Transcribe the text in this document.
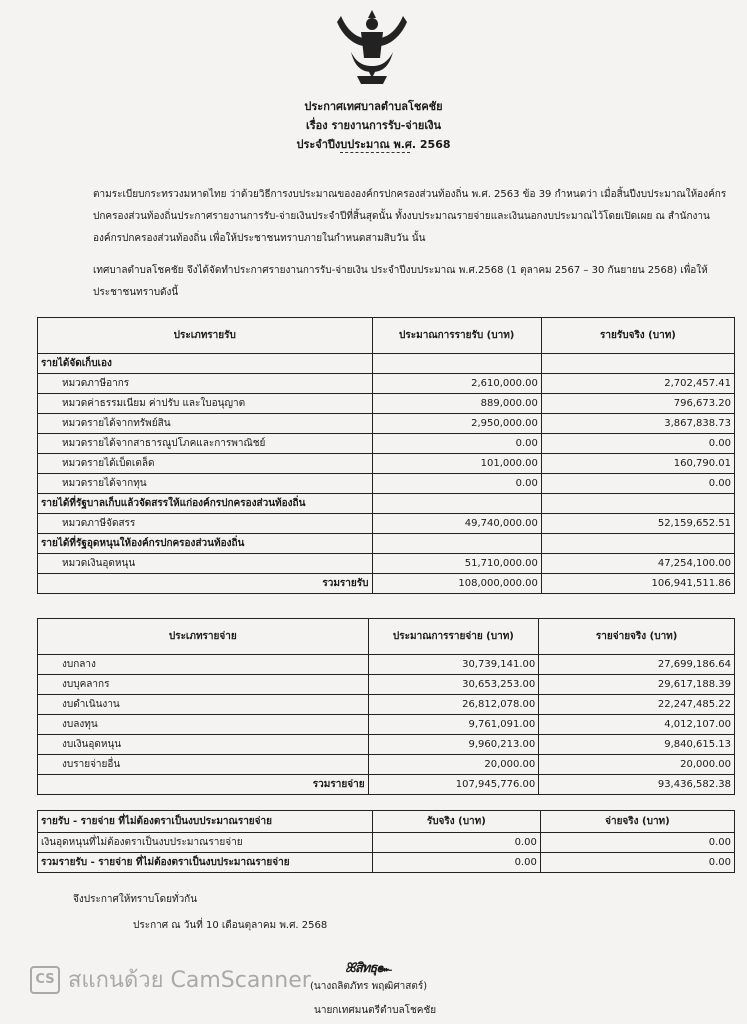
ประกาศเทศบาลตำบลโชคชัย
เรื่อง รายงานการรับ-จ่ายเงิน
ประจำปีงบประมาณ พ.ศ. 2568

ตามระเบียบกระทรวงมหาดไทย ว่าด้วยวิธีการงบประมาณขององค์กรปกครองส่วนท้องถิ่น พ.ศ. 2563 ข้อ 39 กำหนดว่า เมื่อสิ้นปีงบประมาณให้องค์กรปกครองส่วนท้องถิ่นประกาศรายงานการรับ-จ่ายเงินประจำปีที่สิ้นสุดนั้น ทั้งงบประมาณรายจ่ายและเงินนอกงบประมาณไว้โดยเปิดเผย ณ สำนักงานองค์กรปกครองส่วนท้องถิ่น เพื่อให้ประชาชนทราบภายในกำหนดสามสิบวัน นั้น

เทศบาลตำบลโชคชัย จึงได้จัดทำประกาศรายงานการรับ-จ่ายเงิน ประจำปีงบประมาณ พ.ศ.2568 (1 ตุลาคม 2567 – 30 กันยายน 2568) เพื่อให้ประชาชนทราบดังนี้

ประเภทรายรับ	ประมาณการรายรับ (บาท)	รายรับจริง (บาท)
รายได้จัดเก็บเอง		
หมวดภาษีอากร	2,610,000.00	2,702,457.41
หมวดค่าธรรมเนียม ค่าปรับ และใบอนุญาต	889,000.00	796,673.20
หมวดรายได้จากทรัพย์สิน	2,950,000.00	3,867,838.73
หมวดรายได้จากสาธารณูปโภคและการพาณิชย์	0.00	0.00
หมวดรายได้เบ็ดเตล็ด	101,000.00	160,790.01
หมวดรายได้จากทุน	0.00	0.00
รายได้ที่รัฐบาลเก็บแล้วจัดสรรให้แก่องค์กรปกครองส่วนท้องถิ่น		
หมวดภาษีจัดสรร	49,740,000.00	52,159,652.51
รายได้ที่รัฐอุดหนุนให้องค์กรปกครองส่วนท้องถิ่น		
หมวดเงินอุดหนุน	51,710,000.00	47,254,100.00
รวมรายรับ	108,000,000.00	106,941,511.86
ประเภทรายจ่าย	ประมาณการรายจ่าย (บาท)	รายจ่ายจริง (บาท)
งบกลาง	30,739,141.00	27,699,186.64
งบบุคลากร	30,653,253.00	29,617,188.39
งบดำเนินงาน	26,812,078.00	22,247,485.22
งบลงทุน	9,761,091.00	4,012,107.00
งบเงินอุดหนุน	9,960,213.00	9,840,615.13
งบรายจ่ายอื่น	20,000.00	20,000.00
รวมรายจ่าย	107,945,776.00	93,436,582.38
รายรับ - รายจ่าย ที่ไม่ต้องตราเป็นงบประมาณรายจ่าย	รับจริง (บาท)	จ่ายจริง (บาท)
เงินอุดหนุนที่ไม่ต้องตราเป็นงบประมาณรายจ่าย	0.00	0.00
รวมรายรับ - รายจ่าย ที่ไม่ต้องตราเป็นงบประมาณรายจ่าย	0.00	0.00
จึงประกาศให้ทราบโดยทั่วกัน
ประกาศ ณ วันที่ 10 เดือนตุลาคม พ.ศ. 2568
ꕤสิทธุ๛
(นางถลิตภัทร พฤฒิศาสตร์)
นายกเทศมนตรีตำบลโชคชัย
CS สแกนด้วย CamScanner
